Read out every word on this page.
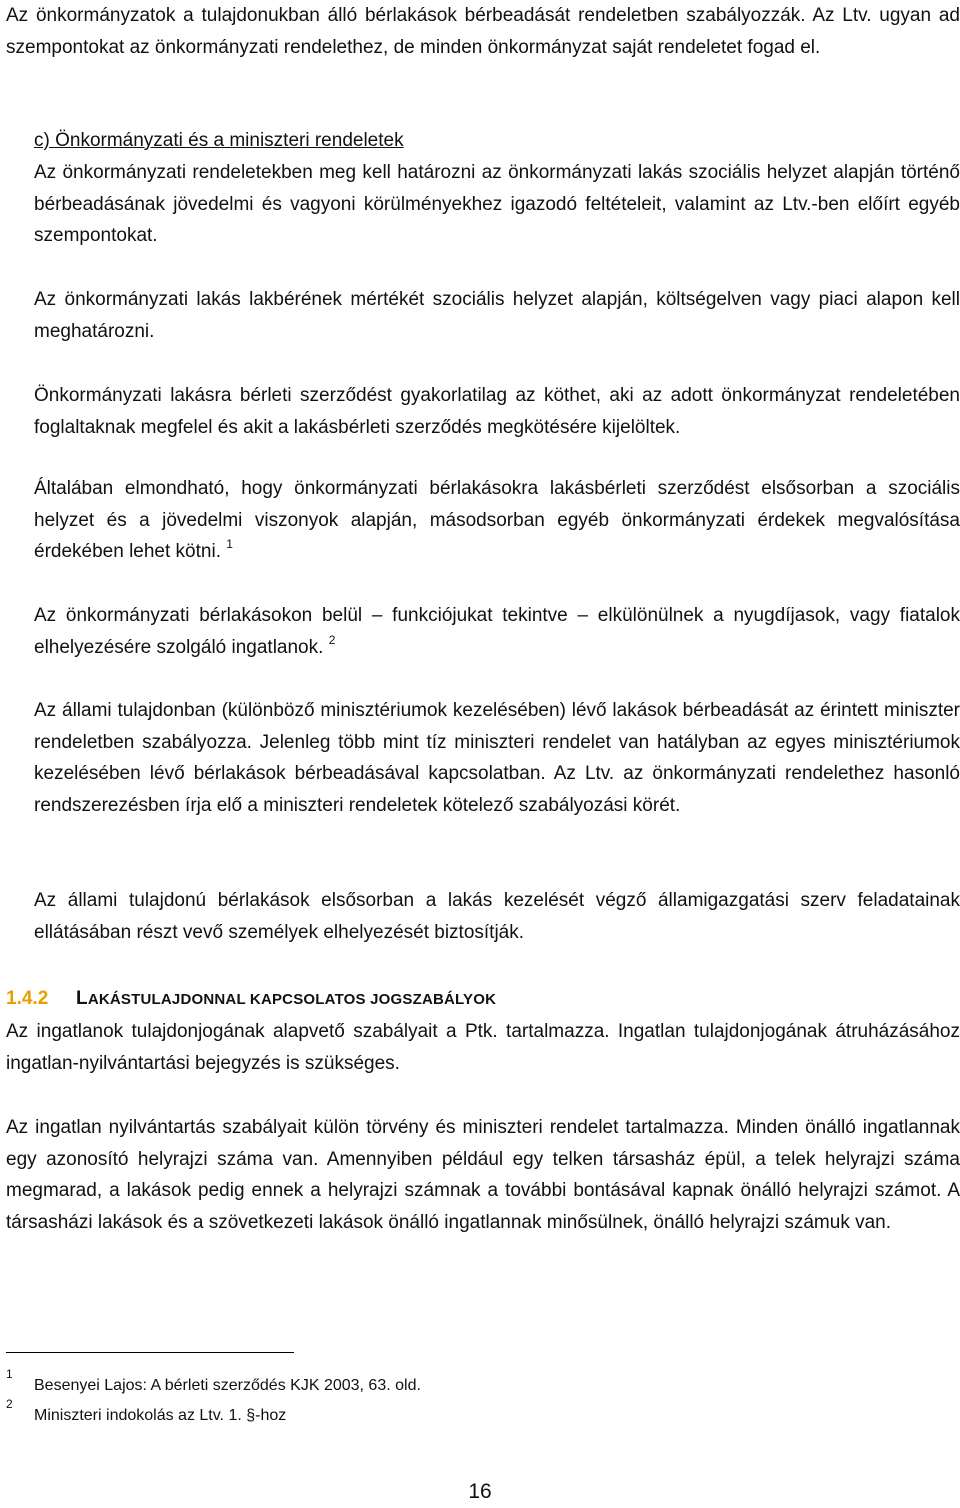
Az önkormányzatok a tulajdonukban álló bérlakások bérbeadását rendeletben szabályozzák. Az Ltv. ugyan ad szempontokat az önkormányzati rendelethez, de minden önkormányzat saját rendeletet fogad el.

c) Önkormányzati és a miniszteri rendeletek

Az önkormányzati rendeletekben meg kell határozni az önkormányzati lakás szociális helyzet alapján történő bérbeadásának jövedelmi és vagyoni körülményekhez igazodó feltételeit, valamint az Ltv.-ben előírt egyéb szempontokat.

Az önkormányzati lakás lakbérének mértékét szociális helyzet alapján, költségelven vagy piaci alapon kell meghatározni.

Önkormányzati lakásra bérleti szerződést gyakorlatilag az köthet, aki az adott önkormányzat rendeletében foglaltaknak megfelel és akit a lakásbérleti szerződés megkötésére kijelöltek.

Általában elmondható, hogy önkormányzati bérlakásokra lakásbérleti szerződést elsősorban a szociális helyzet és a jövedelmi viszonyok alapján, másodsorban egyéb önkormányzati érdekek megvalósítása érdekében lehet kötni. $^1$

Az önkormányzati bérlakásokon belül – funkciójukat tekintve – elkülönülnek a nyugdíjasok, vagy fiatalok elhelyezésére szolgáló ingatlanok. $^2$

Az állami tulajdonban (különböző minisztériumok kezelésében) lévő lakások bérbeadását az érintett miniszter rendeletben szabályozza. Jelenleg több mint tíz miniszteri rendelet van hatályban az egyes minisztériumok kezelésében lévő bérlakások bérbeadásával kapcsolatban. Az Ltv. az önkormányzati rendelethez hasonló rendszerezésben írja elő a miniszteri rendeletek kötelező szabályozási körét.

Az állami tulajdonú bérlakások elsősorban a lakás kezelését végző államigazgatási szerv feladatainak ellátásában részt vevő személyek elhelyezését biztosítják.

1.4.2 LAKÁSTULAJDONNAL KAPCSOLATOS JOGSZABÁLYOK

Az ingatlanok tulajdonjogának alapvető szabályait a Ptk. tartalmazza. Ingatlan tulajdonjogának átruházásához ingatlan-nyilvántartási bejegyzés is szükséges.

Az ingatlan nyilvántartás szabályait külön törvény és miniszteri rendelet tartalmazza. Minden önálló ingatlannak egy azonosító helyrajzi száma van. Amennyiben például egy telken társasház épül, a telek helyrajzi száma megmarad, a lakások pedig ennek a helyrajzi számnak a további bontásával kapnak önálló helyrajzi számot. A társasházi lakások és a szövetkezeti lakások önálló ingatlannak minősülnek, önálló helyrajzi számuk van.

1
Besenyei Lajos: A bérleti szerződés KJK 2003, 63. old.
2
Miniszteri indokolás az Ltv. 1. §-hoz
16
